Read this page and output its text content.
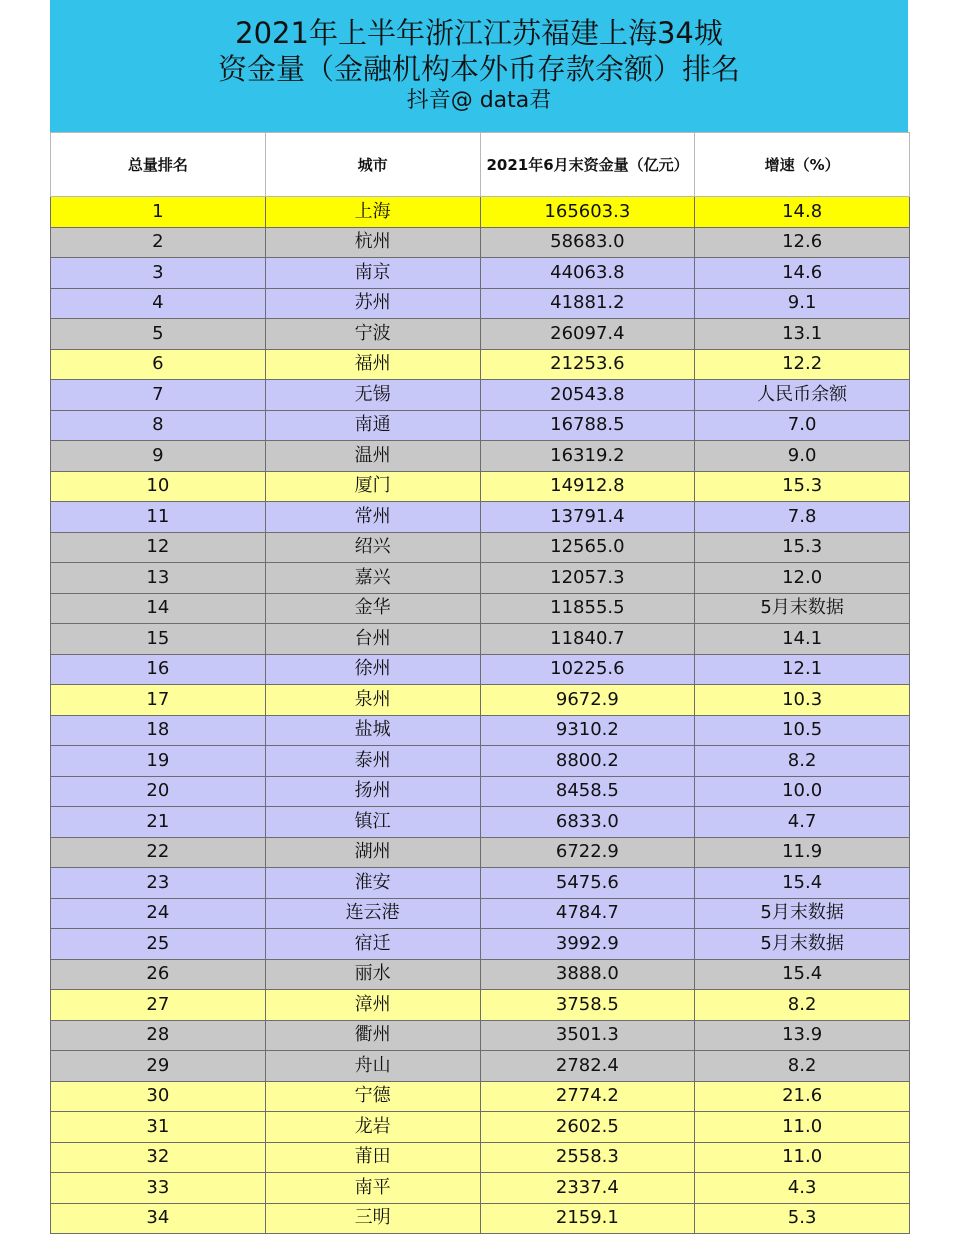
2021年上半年浙江江苏福建上海34城
资金量（金融机构本外币存款余额）排名
抖音@ data君
总量排名	城市	2021年6月末资金量（亿元）	增速（%）
1	上海	165603.3	14.8
2	杭州	58683.0	12.6
3	南京	44063.8	14.6
4	苏州	41881.2	9.1
5	宁波	26097.4	13.1
6	福州	21253.6	12.2
7	无锡	20543.8	人民币余额
8	南通	16788.5	7.0
9	温州	16319.2	9.0
10	厦门	14912.8	15.3
11	常州	13791.4	7.8
12	绍兴	12565.0	15.3
13	嘉兴	12057.3	12.0
14	金华	11855.5	5月末数据
15	台州	11840.7	14.1
16	徐州	10225.6	12.1
17	泉州	9672.9	10.3
18	盐城	9310.2	10.5
19	泰州	8800.2	8.2
20	扬州	8458.5	10.0
21	镇江	6833.0	4.7
22	湖州	6722.9	11.9
23	淮安	5475.6	15.4
24	连云港	4784.7	5月末数据
25	宿迁	3992.9	5月末数据
26	丽水	3888.0	15.4
27	漳州	3758.5	8.2
28	衢州	3501.3	13.9
29	舟山	2782.4	8.2
30	宁德	2774.2	21.6
31	龙岩	2602.5	11.0
32	莆田	2558.3	11.0
33	南平	2337.4	4.3
34	三明	2159.1	5.3
